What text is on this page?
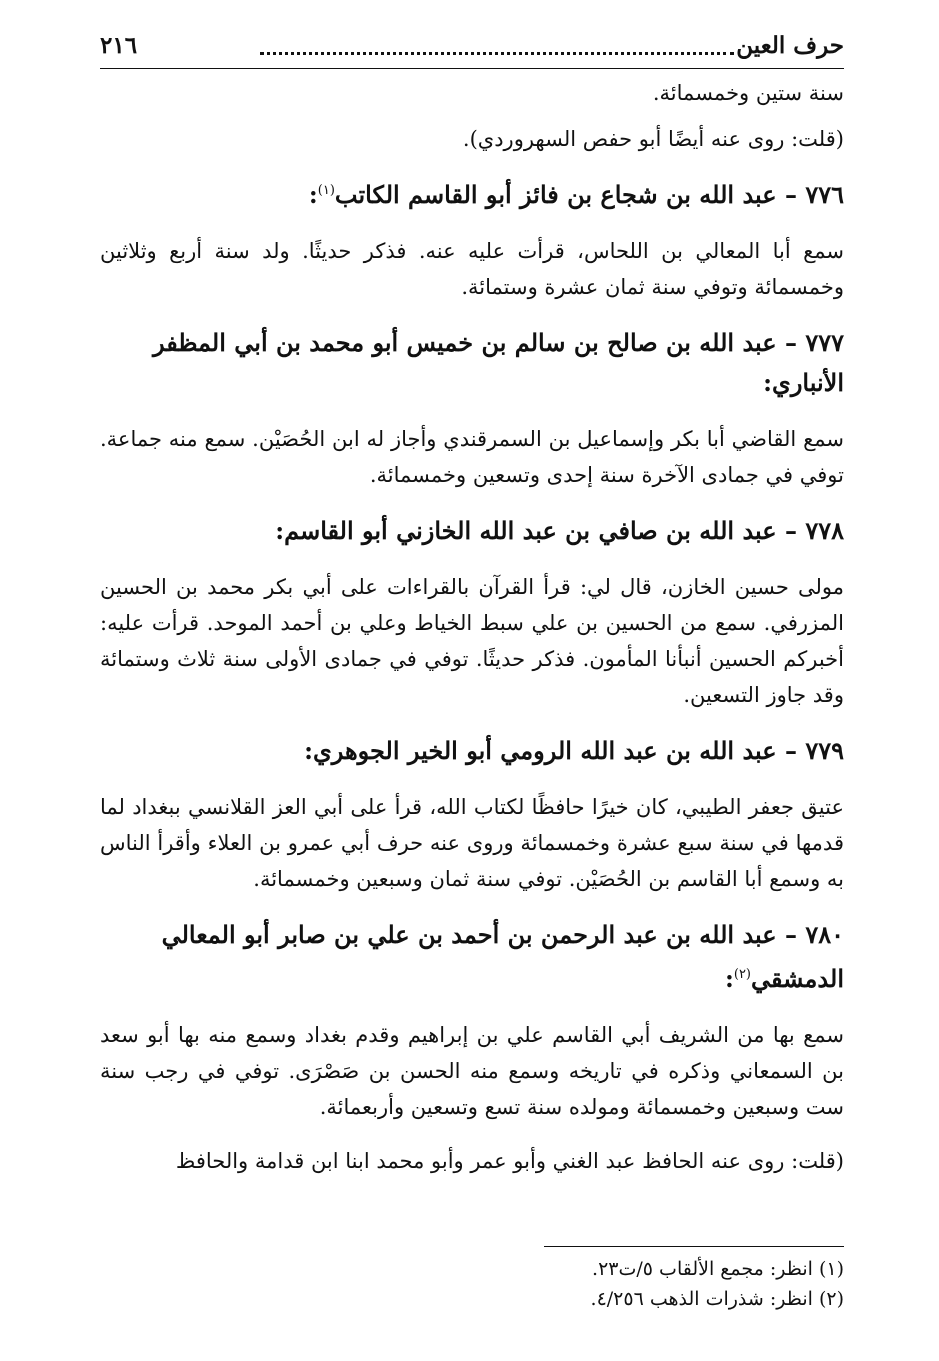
حرف العين
٢١٦

سنة ستين وخمسمائة.

(قلت: روى عنه أيضًا أبو حفص السهروردي).

٧٧٦ – عبد الله بن شجاع بن فائز أبو القاسم الكاتب$^{(١)}$:

سمع أبا المعالي بن اللحاس، قرأت عليه عنه. فذكر حديثًا. ولد سنة أربع وثلاثين وخمسمائة وتوفي سنة ثمان عشرة وستمائة.

٧٧٧ – عبد الله بن صالح بن سالم بن خميس أبو محمد بن أبي المظفر الأنباري:

سمع القاضي أبا بكر وإسماعيل بن السمرقندي وأجاز له ابن الحُصَيْن. سمع منه جماعة. توفي في جمادى الآخرة سنة إحدى وتسعين وخمسمائة.

٧٧٨ – عبد الله بن صافي بن عبد الله الخازني أبو القاسم:

مولى حسين الخازن، قال لي: قرأ القرآن بالقراءات على أبي بكر محمد بن الحسين المزرفي. سمع من الحسين بن علي سبط الخياط وعلي بن أحمد الموحد. قرأت عليه: أخبركم الحسين أنبأنا المأمون. فذكر حديثًا. توفي في جمادى الأولى سنة ثلاث وستمائة وقد جاوز التسعين.

٧٧٩ – عبد الله بن عبد الله الرومي أبو الخير الجوهري:

عتيق جعفر الطيبي، كان خيرًا حافظًا لكتاب الله، قرأ على أبي العز القلانسي ببغداد لما قدمها في سنة سبع عشرة وخمسمائة وروى عنه حرف أبي عمرو بن العلاء وأقرأ الناس به وسمع أبا القاسم بن الحُصَيْن. توفي سنة ثمان وسبعين وخمسمائة.

٧٨٠ – عبد الله بن عبد الرحمن بن أحمد بن علي بن صابر أبو المعالي الدمشقي$^{(٢)}$:

سمع بها من الشريف أبي القاسم علي بن إبراهيم وقدم بغداد وسمع منه بها أبو سعد بن السمعاني وذكره في تاريخه وسمع منه الحسن بن صَصْرَى. توفي في رجب سنة ست وسبعين وخمسمائة ومولده سنة تسع وتسعين وأربعمائة.

(قلت: روى عنه الحافظ عبد الغني وأبو عمر وأبو محمد ابنا ابن قدامة والحافظ

(١) انظر: مجمع الألقاب ٥/ت٢٣.

(٢) انظر: شذرات الذهب ٤/٢٥٦.
